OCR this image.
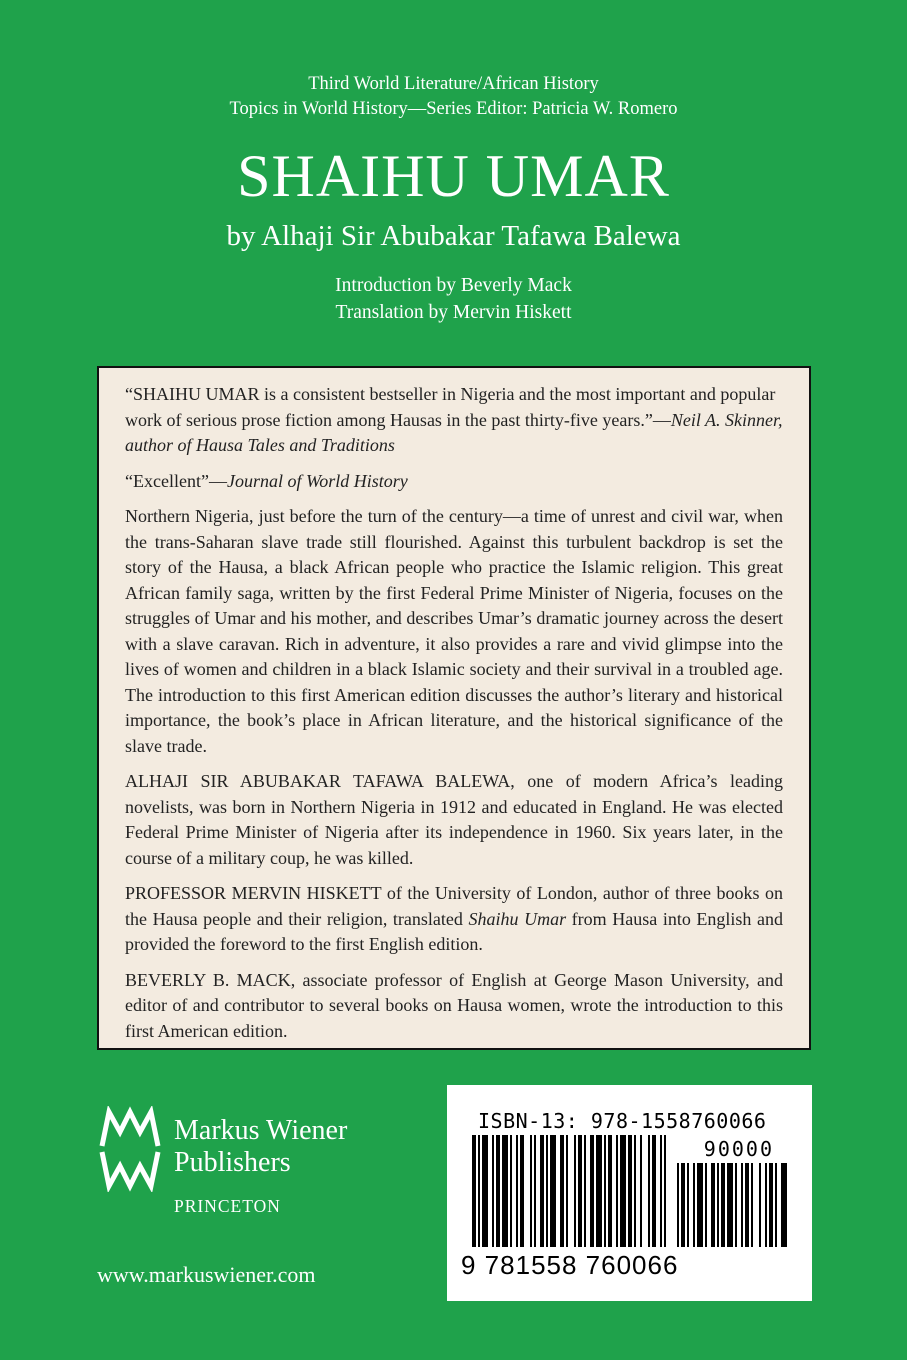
Third World Literature/African History
Topics in World History—Series Editor: Patricia W. Romero
SHAIHU UMAR
by Alhaji Sir Abubakar Tafawa Balewa
Introduction by Beverly Mack
Translation by Mervin Hiskett

“SHAIHU UMAR is a consistent bestseller in Nigeria and the most important and popular work of serious prose fiction among Hausas in the past thirty-five years.”—Neil A. Skinner, author of Hausa Tales and Traditions

“Excellent”—Journal of World History

Northern Nigeria, just before the turn of the century—a time of unrest and civil war, when the trans-Saharan slave trade still flourished. Against this turbulent backdrop is set the story of the Hausa, a black African people who practice the Islamic religion. This great African family saga, written by the first Federal Prime Minister of Nigeria, focuses on the struggles of Umar and his mother, and describes Umar’s dramatic journey across the desert with a slave caravan. Rich in adventure, it also provides a rare and vivid glimpse into the lives of women and children in a black Islamic society and their survival in a troubled age. The introduction to this first American edition discusses the author’s literary and historical importance, the book’s place in African literature, and the historical significance of the slave trade.

ALHAJI SIR ABUBAKAR TAFAWA BALEWA, one of modern Africa’s leading novelists, was born in Northern Nigeria in 1912 and educated in England. He was elected Federal Prime Minister of Nigeria after its independence in 1960. Six years later, in the course of a military coup, he was killed.

PROFESSOR MERVIN HISKETT of the University of London, author of three books on the Hausa people and their religion, translated Shaihu Umar from Hausa into English and provided the foreword to the first English edition.

BEVERLY B. MACK, associate professor of English at George Mason University, and editor of and contributor to several books on Hausa women, wrote the introduction to this first American edition.

Markus Wiener
Publishers
PRINCETON
www.markuswiener.com
ISBN-13: 978-1558760066
90000
9 781558 760066
